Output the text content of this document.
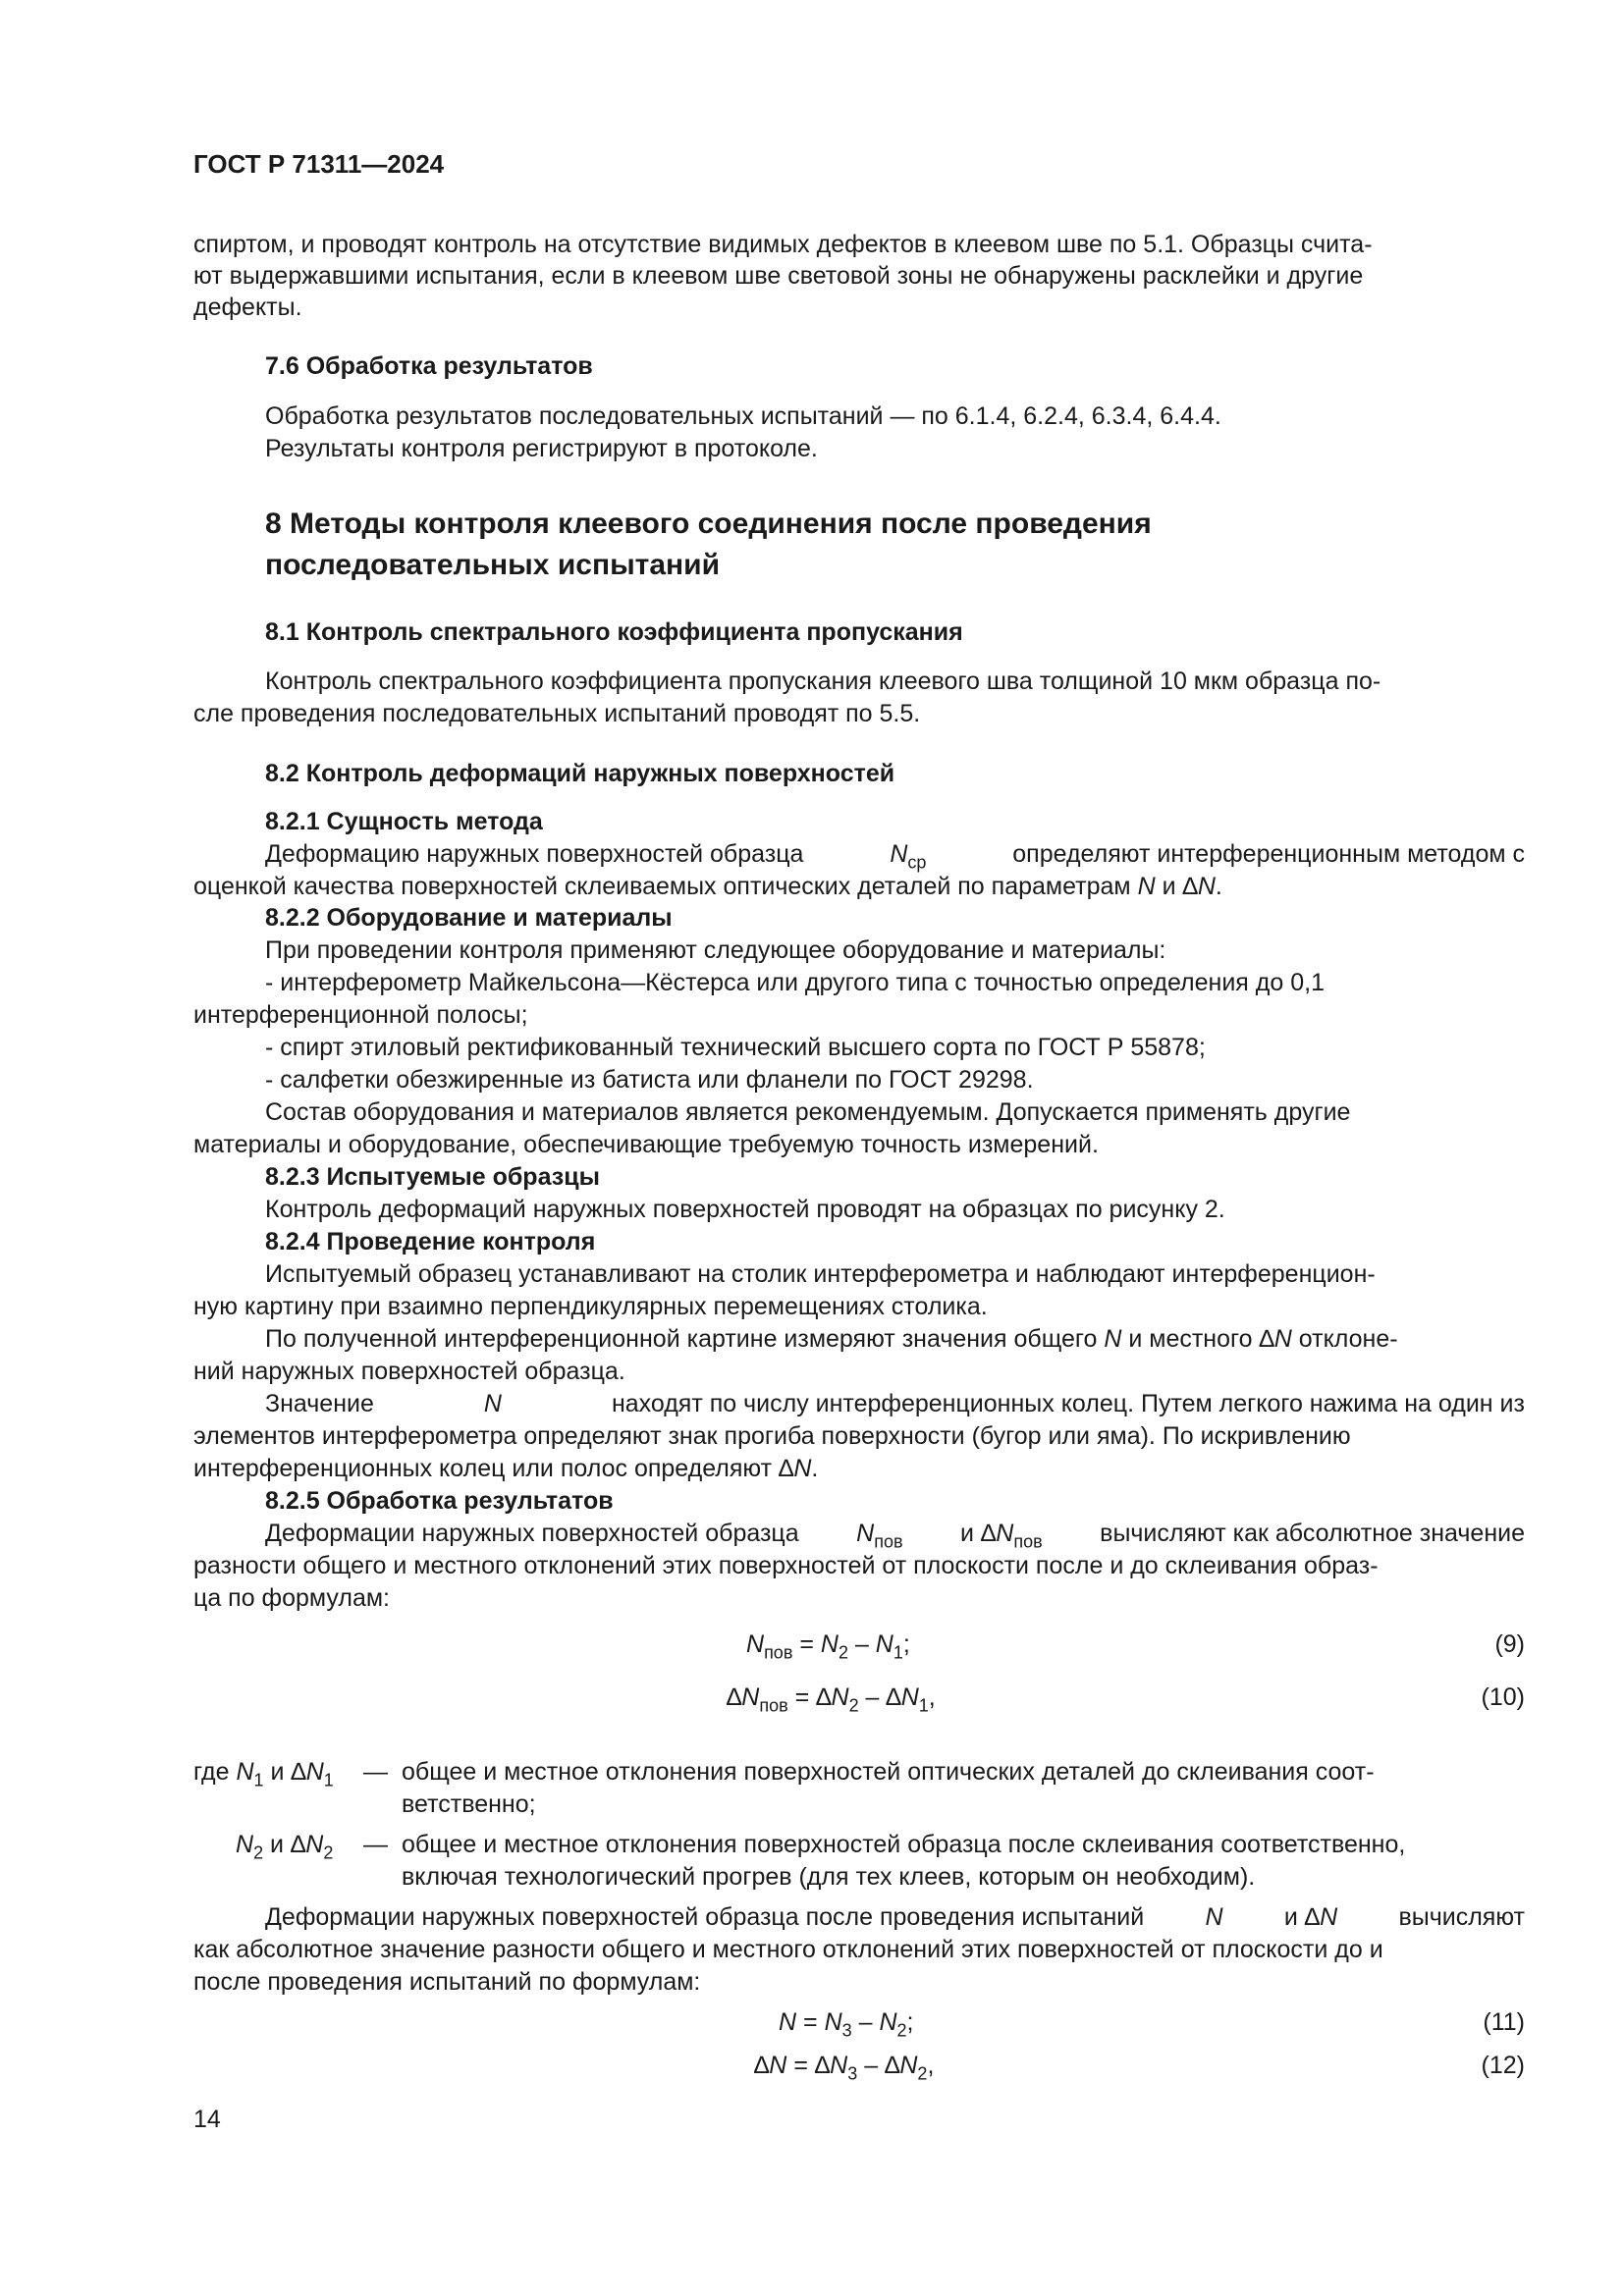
ГОСТ Р 71311—2024
спиртом, и проводят контроль на отсутствие видимых дефектов в клеевом шве по 5.1. Образцы счита-
ют выдержавшими испытания, если в клеевом шве световой зоны не обнаружены расклейки и другие
дефекты.
7.6 Обработка результатов
Обработка результатов последовательных испытаний — по 6.1.4, 6.2.4, 6.3.4, 6.4.4.
Результаты контроля регистрируют в протоколе.
8 Методы контроля клеевого соединения после проведения
последовательных испытаний
8.1 Контроль спектрального коэффициента пропускания
Контроль спектрального коэффициента пропускания клеевого шва толщиной 10 мкм образца по-
сле проведения последовательных испытаний проводят по 5.5.
8.2 Контроль деформаций наружных поверхностей
8.2.1 Сущность метода
Деформацию наружных поверхностей образца	$N_{ср}$	определяют интерференционным методом с
оценкой качества поверхностей склеиваемых оптических деталей по параметрам N и ∆N.
8.2.2 Оборудование и материалы
При проведении контроля применяют следующее оборудование и материалы:
- интерферометр Майкельсона—Кёстерса или другого типа с точностью определения до 0,1
интерференционной полосы;
- спирт этиловый ректификованный технический высшего сорта по ГОСТ Р 55878;
- салфетки обезжиренные из батиста или фланели по ГОСТ 29298.
Состав оборудования и материалов является рекомендуемым. Допускается применять другие
материалы и оборудование, обеспечивающие требуемую точность измерений.
8.2.3 Испытуемые образцы
Контроль деформаций наружных поверхностей проводят на образцах по рисунку 2.
8.2.4 Проведение контроля
Испытуемый образец устанавливают на столик интерферометра и наблюдают интерференцион-
ную картину при взаимно перпендикулярных перемещениях столика.
По полученной интерференционной картине измеряют значения общего N и местного ∆N отклоне-
ний наружных поверхностей образца.
Значение	N	находят по числу интерференционных колец. Путем легкого нажима на один из
элементов интерферометра определяют знак прогиба поверхности (бугор или яма). По искривлению
интерференционных колец или полос определяют ∆N.
8.2.5 Обработка результатов
Деформации наружных поверхностей образца $N_{пов}$ и $\Delta N_{пов}$ вычисляют как абсолютное значение
разности общего и местного отклонений этих поверхностей от плоскости после и до склеивания образ-
ца по формулам:
$N_{пов} = N_2 - N_1$;	(9)
$\Delta N_{пов} = \Delta N_2 - \Delta N_1$,	(10)
где $N_1$ и $\Delta N_1$ — общее и местное отклонения поверхностей оптических деталей до склеивания соот-
ветственно;
$N_2$ и $\Delta N_2$ — общее и местное отклонения поверхностей образца после склеивания соответственно,
включая технологический прогрев (для тех клеев, которым он необходим).
Деформации наружных поверхностей образца после проведения испытаний N и ∆N вычисляют
как абсолютное значение разности общего и местного отклонений этих поверхностей от плоскости до и
после проведения испытаний по формулам:
$N = N_3 - N_2$;	(11)
$\Delta N = \Delta N_3 - \Delta N_2$,	(12)
14
